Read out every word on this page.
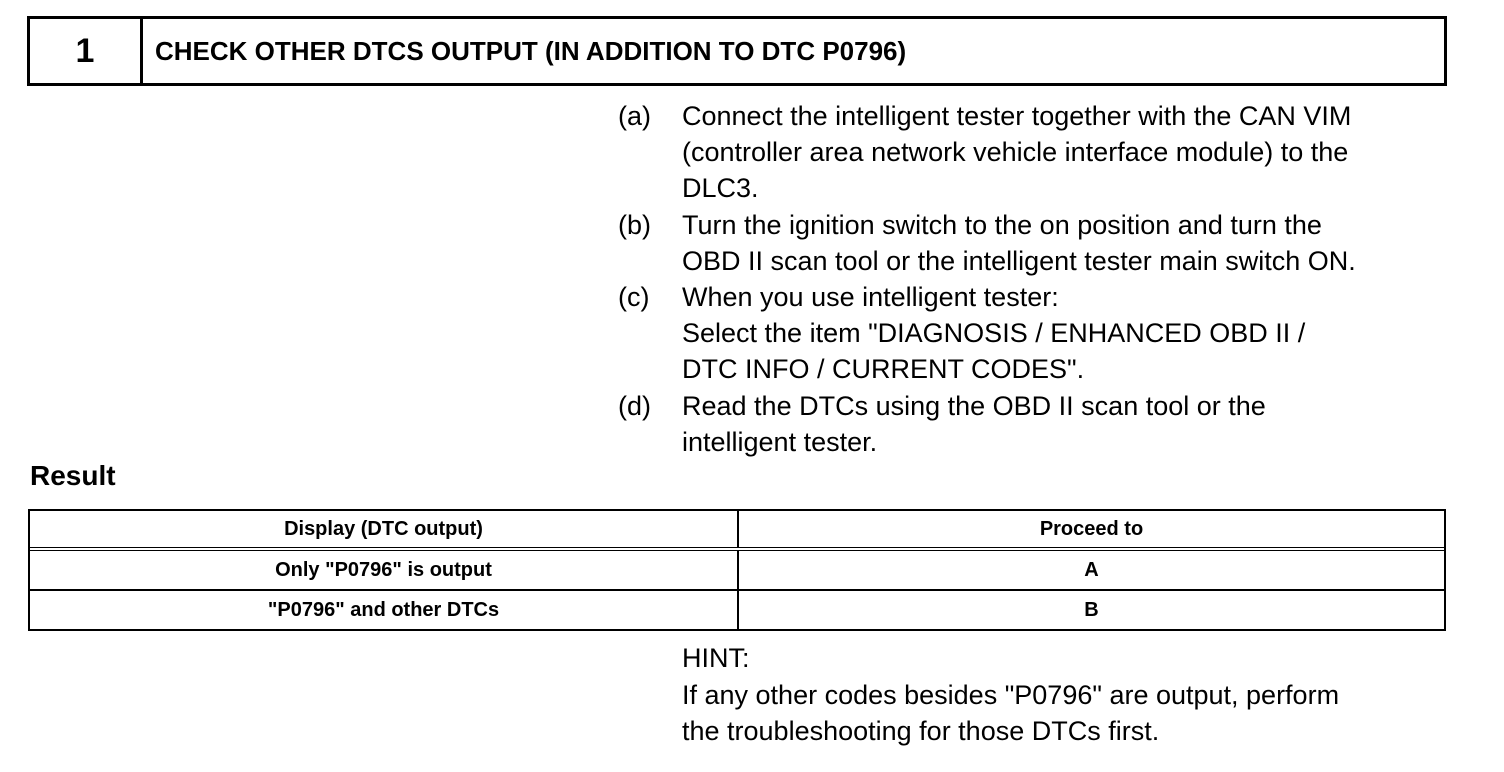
1	CHECK OTHER DTCS OUTPUT (IN ADDITION TO DTC P0796)
(a)	Connect the intelligent tester together with the CAN VIM
(controller area network vehicle interface module) to the
DLC3.
(b)	Turn the ignition switch to the on position and turn the
OBD II scan tool or the intelligent tester main switch ON.
(c)	When you use intelligent tester:
Select the item "DIAGNOSIS / ENHANCED OBD II /
DTC INFO / CURRENT CODES".
(d)	Read the DTCs using the OBD II scan tool or the
intelligent tester.
Result
Display (DTC output)	Proceed to
Only "P0796" is output	A
"P0796" and other DTCs	B
HINT:
If any other codes besides "P0796" are output, perform
the troubleshooting for those DTCs first.
